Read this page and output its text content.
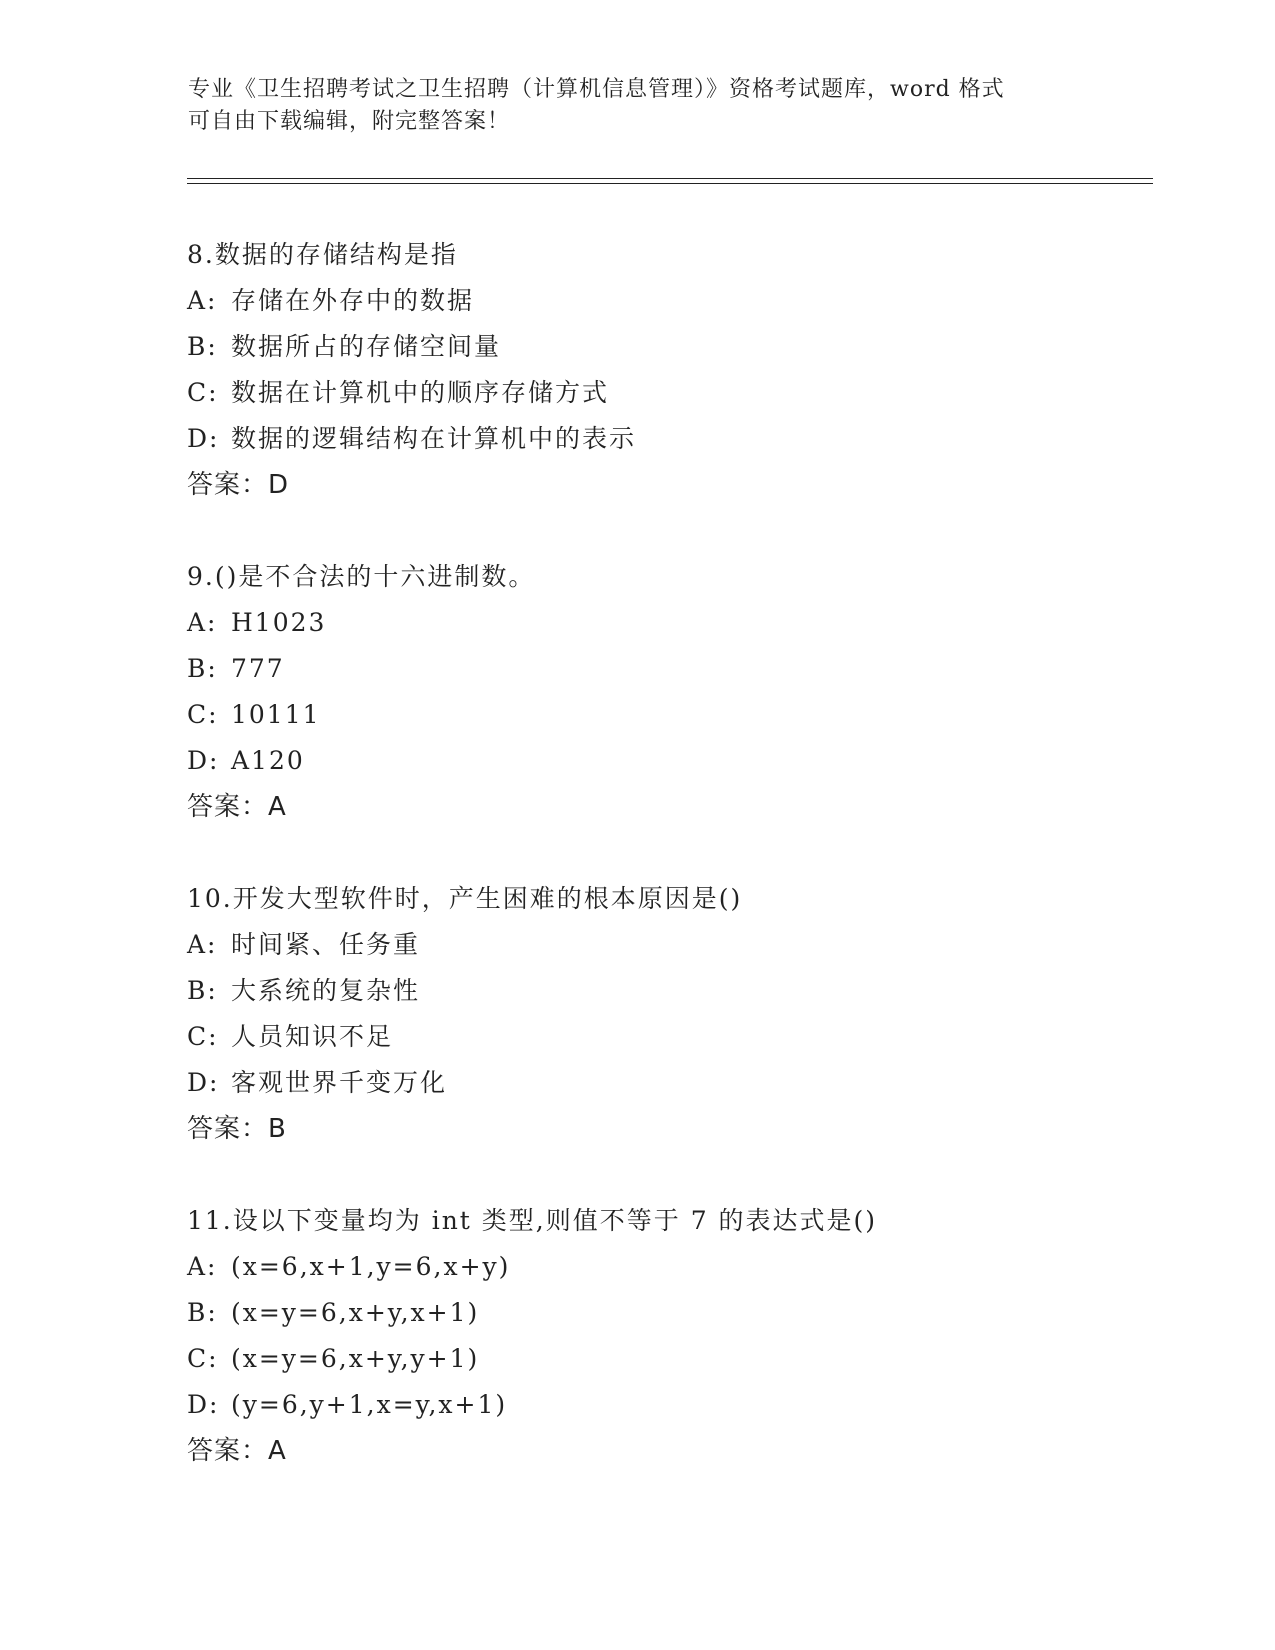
专业《卫生招聘考试之卫生招聘（计算机信息管理）》资格考试题库，word 格式
可自由下载编辑，附完整答案！
8.数据的存储结构是指
A: 存储在外存中的数据
B: 数据所占的存储空间量
C: 数据在计算机中的顺序存储方式
D: 数据的逻辑结构在计算机中的表示
答案：D
9.()是不合法的十六进制数。
A: H1023
B: 777
C: 10111
D: A120
答案：A
10.开发大型软件时，产生困难的根本原因是()
A: 时间紧、任务重
B: 大系统的复杂性
C: 人员知识不足
D: 客观世界千变万化
答案：B
11.设以下变量均为 int 类型,则值不等于 7 的表达式是()
A: (x=6,x+1,y=6,x+y)
B: (x=y=6,x+y,x+1)
C: (x=y=6,x+y,y+1)
D: (y=6,y+1,x=y,x+1)
答案：A
